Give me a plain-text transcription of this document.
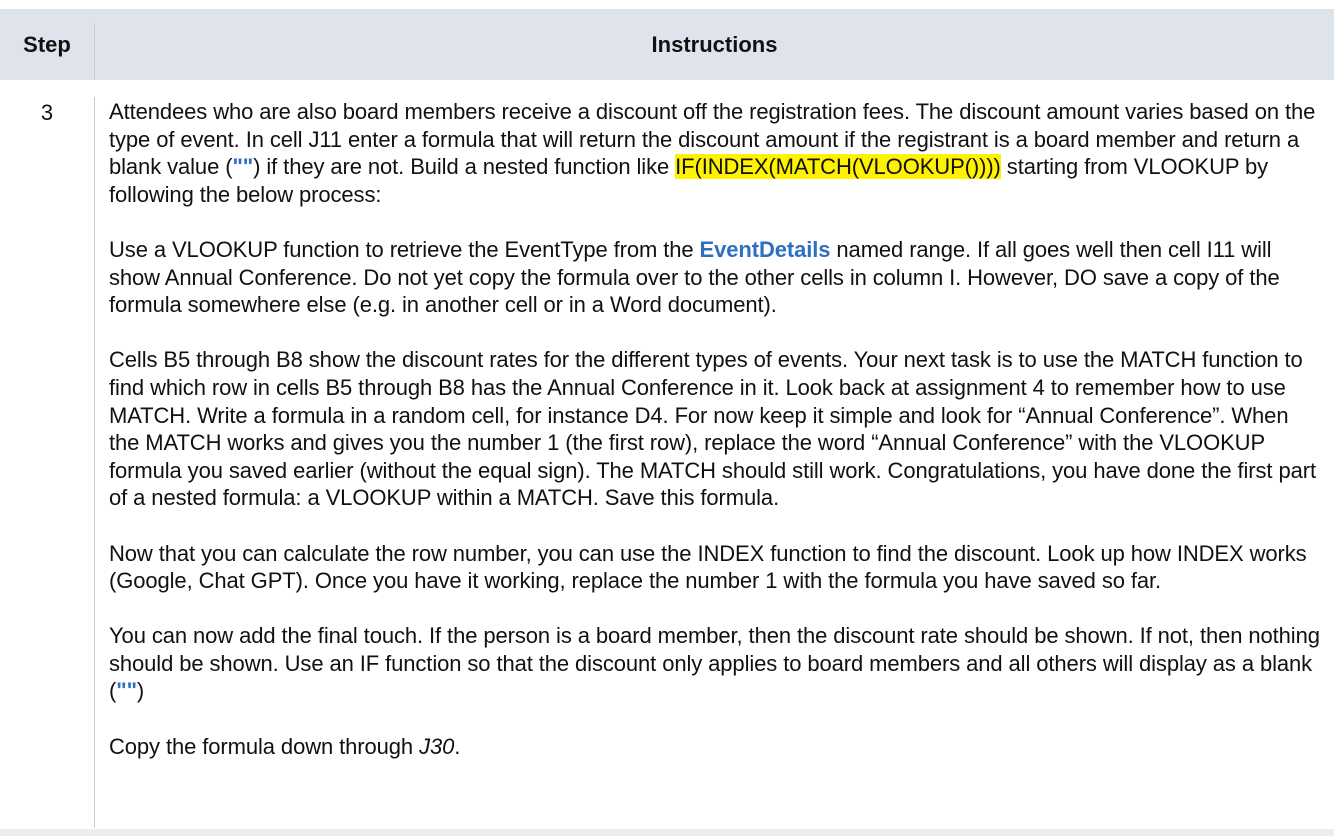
Step	Instructions
3	Attendees who are also board members receive a discount off the registration fees. The discount amount varies based on the type of event. In cell J11 enter a formula that will return the discount amount if the registrant is a board member and return a blank value ("") if they are not. Build a nested function like IF(INDEX(MATCH(VLOOKUP()))) starting from VLOOKUP by following the below process:

Use a VLOOKUP function to retrieve the EventType from the EventDetails named range. If all goes well then cell I11 will show Annual Conference. Do not yet copy the formula over to the other cells in column I. However, DO save a copy of the formula somewhere else (e.g. in another cell or in a Word document).

Cells B5 through B8 show the discount rates for the different types of events. Your next task is to use the MATCH function to find which row in cells B5 through B8 has the Annual Conference in it. Look back at assignment 4 to remember how to use MATCH. Write a formula in a random cell, for instance D4. For now keep it simple and look for “Annual Conference”. When the MATCH works and gives you the number 1 (the first row), replace the word “Annual Conference” with the VLOOKUP formula you saved earlier (without the equal sign). The MATCH should still work. Congratulations, you have done the first part of a nested formula: a VLOOKUP within a MATCH. Save this formula.

Now that you can calculate the row number, you can use the INDEX function to find the discount. Look up how INDEX works (Google, Chat GPT). Once you have it working, replace the number 1 with the formula you have saved so far.

You can now add the final touch. If the person is a board member, then the discount rate should be shown. If not, then nothing should be shown. Use an IF function so that the discount only applies to board members and all others will display as a blank ("")

Copy the formula down through J30.
